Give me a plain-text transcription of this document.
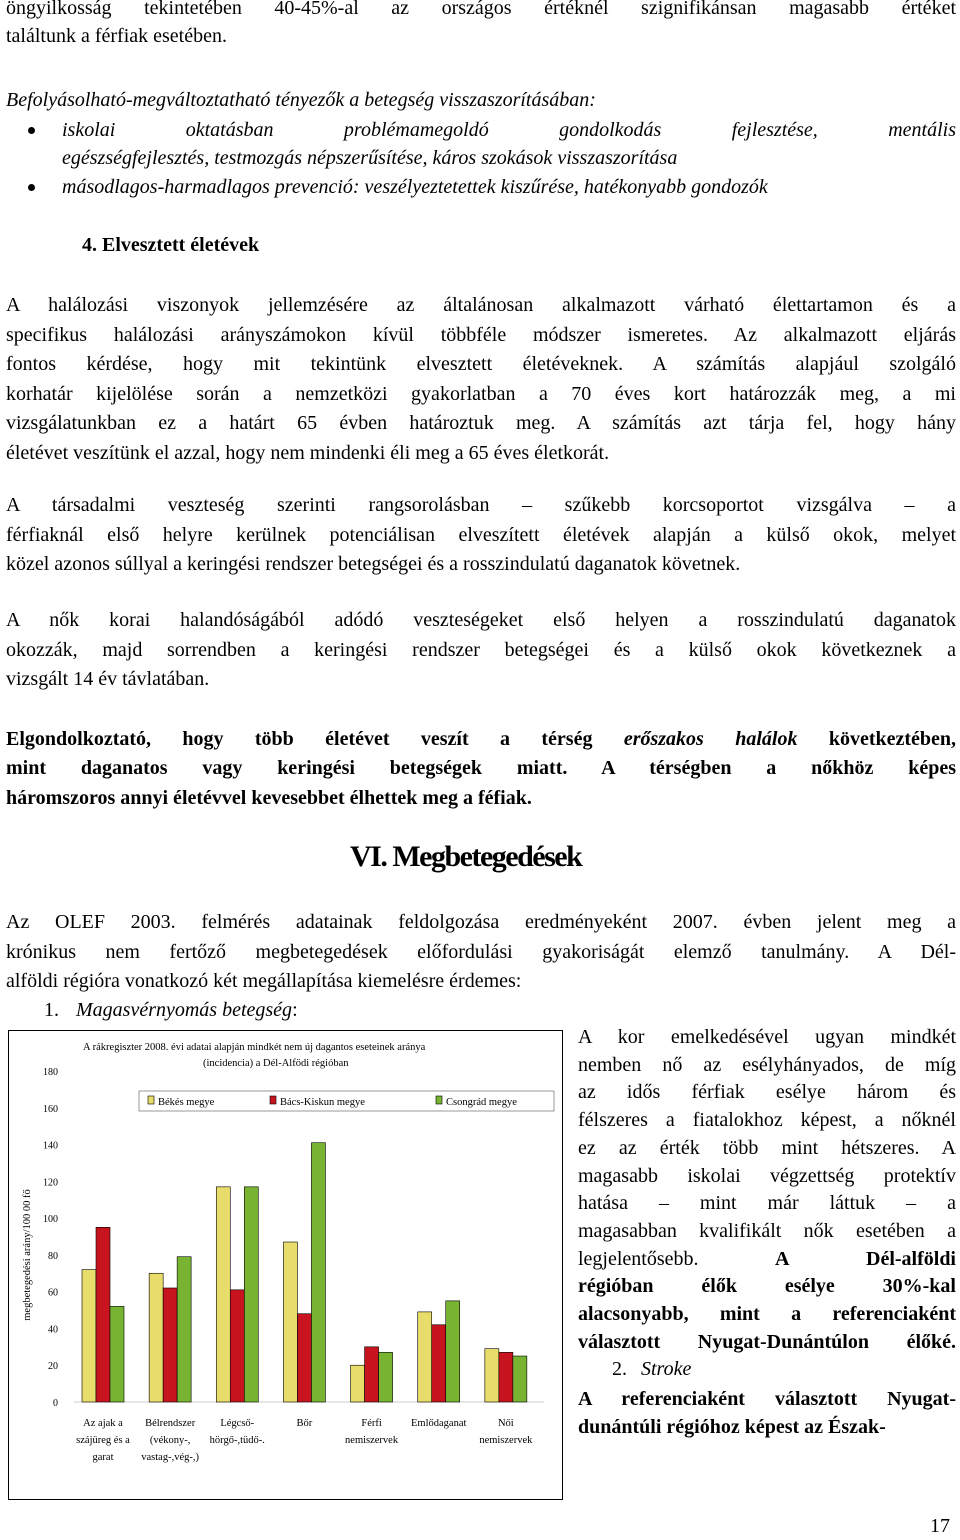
öngyilkosság tekintetében 40-45%-al az országos értéknél szignifikánsan magasabb értéket
találtunk a férfiak esetében.
Befolyásolható-megváltoztatható tényezők a betegség visszaszorításában:
iskolai oktatásban problémamegoldó gondolkodás fejlesztése, mentális
egészségfejlesztés, testmozgás népszerűsítése, káros szokások visszaszorítása
másodlagos-harmadlagos prevenció: veszélyeztetettek kiszűrése, hatékonyabb gondozók
4. Elvesztett életévek
A halálozási viszonyok jellemzésére az általánosan alkalmazott várható élettartamon és a
specifikus halálozási arányszámokon kívül többféle módszer ismeretes. Az alkalmazott eljárás
fontos kérdése, hogy mit tekintünk elvesztett életéveknek. A számítás alapjául szolgáló
korhatár kijelölése során a nemzetközi gyakorlatban a 70 éves kort határozzák meg, a mi
vizsgálatunkban ez a határt 65 évben határoztuk meg. A számítás azt tárja fel, hogy hány
életévet veszítünk el azzal, hogy nem mindenki éli meg a 65 éves életkorát.
A társadalmi veszteség szerinti rangsorolásban – szűkebb korcsoportot vizsgálva – a
férfiaknál első helyre kerülnek potenciálisan elveszített életévek alapján a külső okok, melyet
közel azonos súllyal a keringési rendszer betegségei és a rosszindulatú daganatok követnek.
A nők korai halandóságából adódó veszteségeket első helyen a rosszindulatú daganatok
okozzák, majd sorrendben a keringési rendszer betegségei és a külső okok következnek a
vizsgált 14 év távlatában.
Elgondolkoztató, hogy több életévet veszít a térség erőszakos halálok következtében,
mint daganatos vagy keringési betegségek miatt. A térségben a nőkhöz képes
háromszoros annyi életévvel kevesebbet élhettek meg a féfiak.
VI. Megbetegedések
Az OLEF 2003. felmérés adatainak feldolgozása eredményeként 2007. évben jelent meg a
krónikus nem fertőző megbetegedések előfordulási gyakoriságát elemző tanulmány. A Dél-
alföldi régióra vonatkozó két megállapítása kiemelésre érdemes:
1. Magasvérnyomás betegség:
0
20
40
60
80
100
120
140
160
180
megbetegedési arány/100 00 fő
A rákregiszter 2008. évi adatai alapján mindkét nem új dagantos eseteinek aránya
(incidencia) a Dél-Alfödi régióban
Békés megye	Bács-Kiskun megye	Csongrád megye
Az ajak a
szájüreg és a
garat
Bélrendszer
(vékony-,
vastag-,vég-,)
Légcső-
hörgő-,tüdő-.
Bőr	Férfi
nemiszervek
Emlődaganat	Női
nemiszervek
A kor emelkedésével ugyan mindkét
nemben nő az esélyhányados, de míg
az idős férfiak esélye három és
félszeres a fiatalokhoz képest, a nőknél
ez az érték több mint hétszeres. A
magasabb iskolai végzettség protektív
hatása – mint már láttuk – a
magasabban kvalifikált nők esetében a
legjelentősebb. A Dél-alföldi
régióban élők esélye 30%-kal
alacsonyabb, mint a referenciaként
választott Nyugat-Dunántúlon élőké.
2. Stroke
A referenciaként választott Nyugat-
dunántúli régióhoz képest az Észak-
17
